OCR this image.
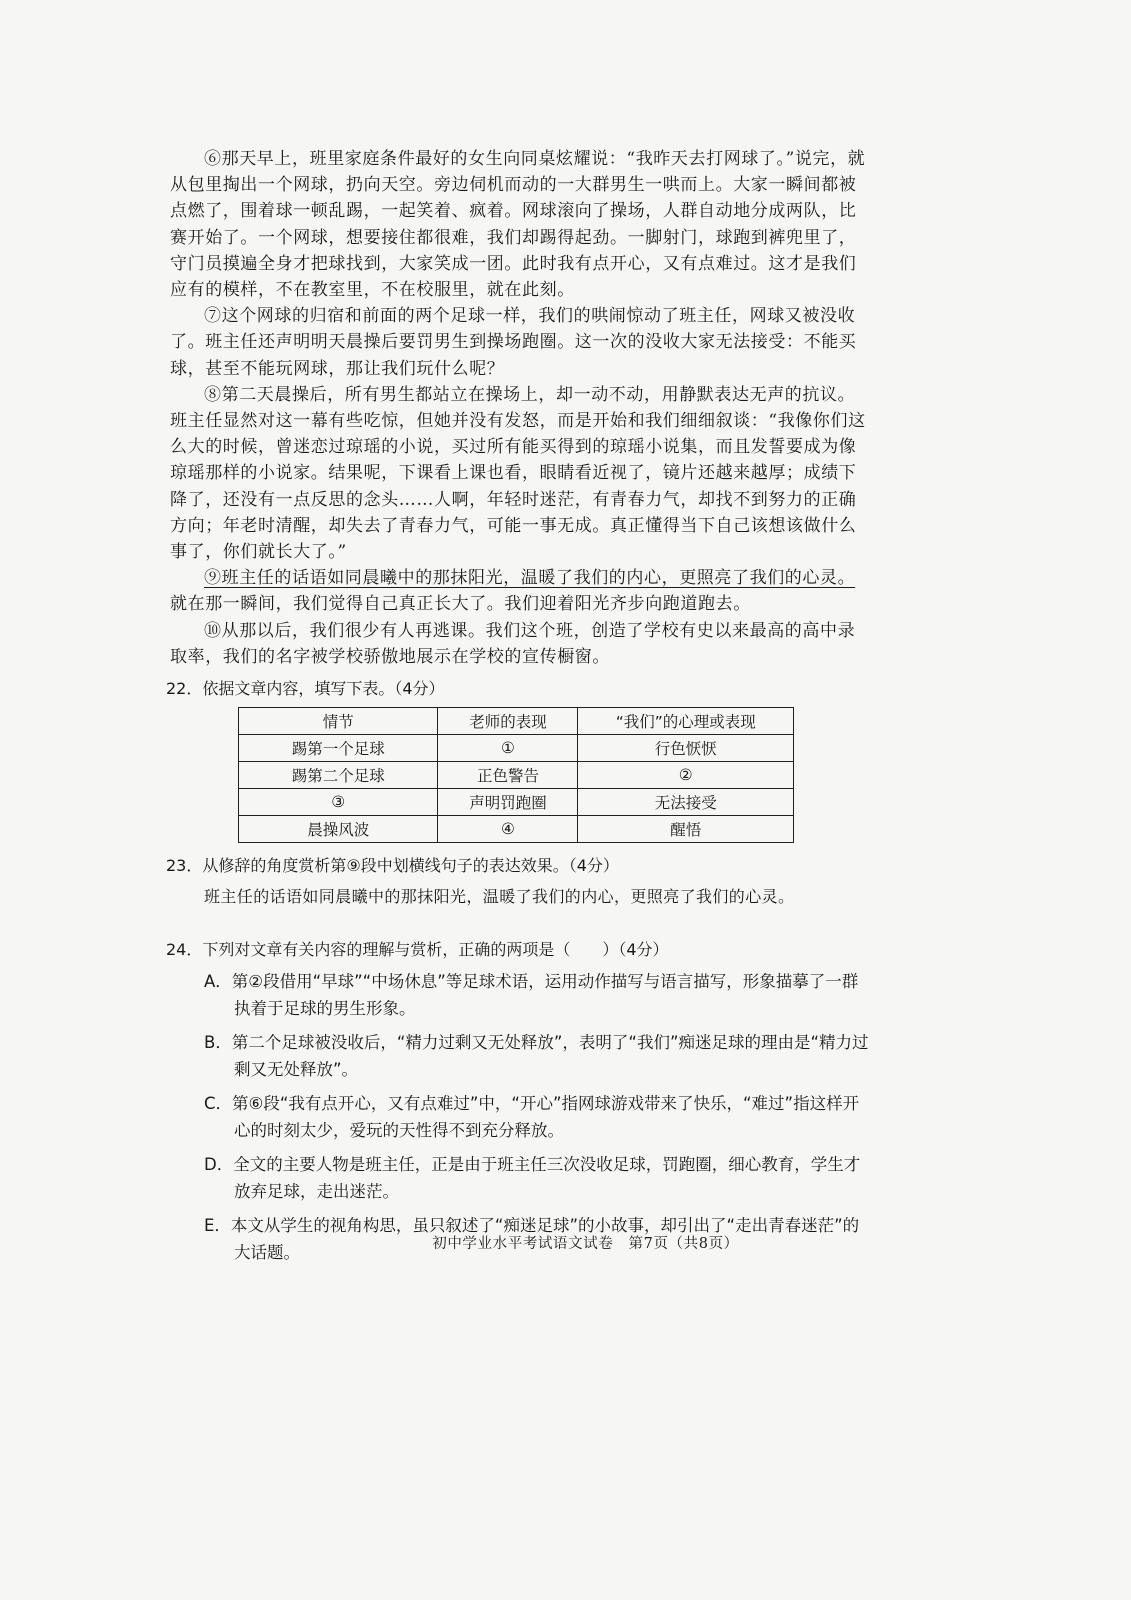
⑥那天早上，班里家庭条件最好的女生向同桌炫耀说：“我昨天去打网球了。”说完，就从包里掏出一个网球，扔向天空。旁边伺机而动的一大群男生一哄而上。大家一瞬间都被点燃了，围着球一顿乱踢，一起笑着、疯着。网球滚向了操场，人群自动地分成两队，比赛开始了。一个网球，想要接住都很难，我们却踢得起劲。一脚射门，球跑到裤兜里了，守门员摸遍全身才把球找到，大家笑成一团。此时我有点开心，又有点难过。这才是我们应有的模样，不在教室里，不在校服里，就在此刻。

⑦这个网球的归宿和前面的两个足球一样，我们的哄闹惊动了班主任，网球又被没收了。班主任还声明明天晨操后要罚男生到操场跑圈。这一次的没收大家无法接受：不能买球，甚至不能玩网球，那让我们玩什么呢？

⑧第二天晨操后，所有男生都站立在操场上，却一动不动，用静默表达无声的抗议。班主任显然对这一幕有些吃惊，但她并没有发怒，而是开始和我们细细叙谈：“我像你们这么大的时候，曾迷恋过琼瑶的小说，买过所有能买得到的琼瑶小说集，而且发誓要成为像琼瑶那样的小说家。结果呢，下课看上课也看，眼睛看近视了，镜片还越来越厚；成绩下降了，还没有一点反思的念头……人啊，年轻时迷茫，有青春力气，却找不到努力的正确方向；年老时清醒，却失去了青春力气，可能一事无成。真正懂得当下自己该想该做什么事了，你们就长大了。”

⑨班主任的话语如同晨曦中的那抹阳光，温暖了我们的内心，更照亮了我们的心灵。就在那一瞬间，我们觉得自己真正长大了。我们迎着阳光齐步向跑道跑去。

⑩从那以后，我们很少有人再逃课。我们这个班，创造了学校有史以来最高的高中录取率，我们的名字被学校骄傲地展示在学校的宣传橱窗。

22．依据文章内容，填写下表。（4分）
情节	老师的表现	“我们”的心理或表现
踢第一个足球	①	行色恹恹
踢第二个足球	正色警告	②
③	声明罚跑圈	无法接受
晨操风波	④	醒悟
23．从修辞的角度赏析第⑨段中划横线句子的表达效果。（4分）
班主任的话语如同晨曦中的那抹阳光，温暖了我们的内心，更照亮了我们的心灵。
24．下列对文章有关内容的理解与赏析，正确的两项是（　　）（4分）
A．第②段借用“早球”“中场休息”等足球术语，运用动作描写与语言描写，形象描摹了一群执着于足球的男生形象。
B．第二个足球被没收后，“精力过剩又无处释放”，表明了“我们”痴迷足球的理由是“精力过剩又无处释放”。
C．第⑥段“我有点开心，又有点难过”中，“开心”指网球游戏带来了快乐，“难过”指这样开心的时刻太少，爱玩的天性得不到充分释放。
D．全文的主要人物是班主任，正是由于班主任三次没收足球，罚跑圈，细心教育，学生才放弃足球，走出迷茫。
E．本文从学生的视角构思，虽只叙述了“痴迷足球”的小故事，却引出了“走出青春迷茫”的大话题。	初中学业水平考试语文试卷　第7页（共8页）
